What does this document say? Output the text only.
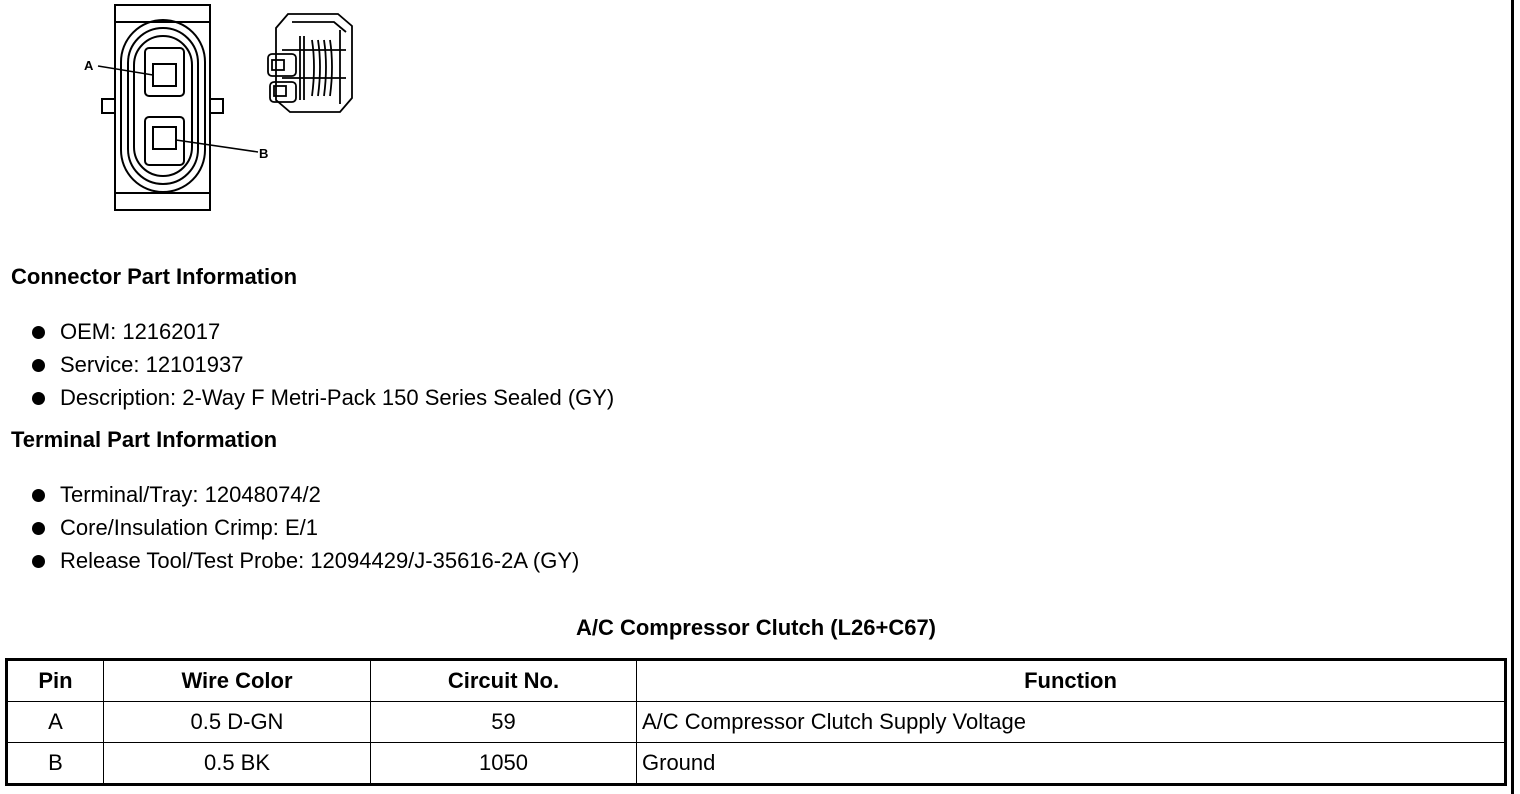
A
B
Connector Part Information
OEM: 12162017
Service: 12101937
Description: 2-Way F Metri-Pack 150 Series Sealed (GY)
Terminal Part Information
Terminal/Tray: 12048074/2
Core/Insulation Crimp: E/1
Release Tool/Test Probe: 12094429/J-35616-2A (GY)
A/C Compressor Clutch (L26+C67)
Pin	Wire Color	Circuit No.	Function
A	0.5 D-GN	59	A/C Compressor Clutch Supply Voltage
B	0.5 BK	1050	Ground
